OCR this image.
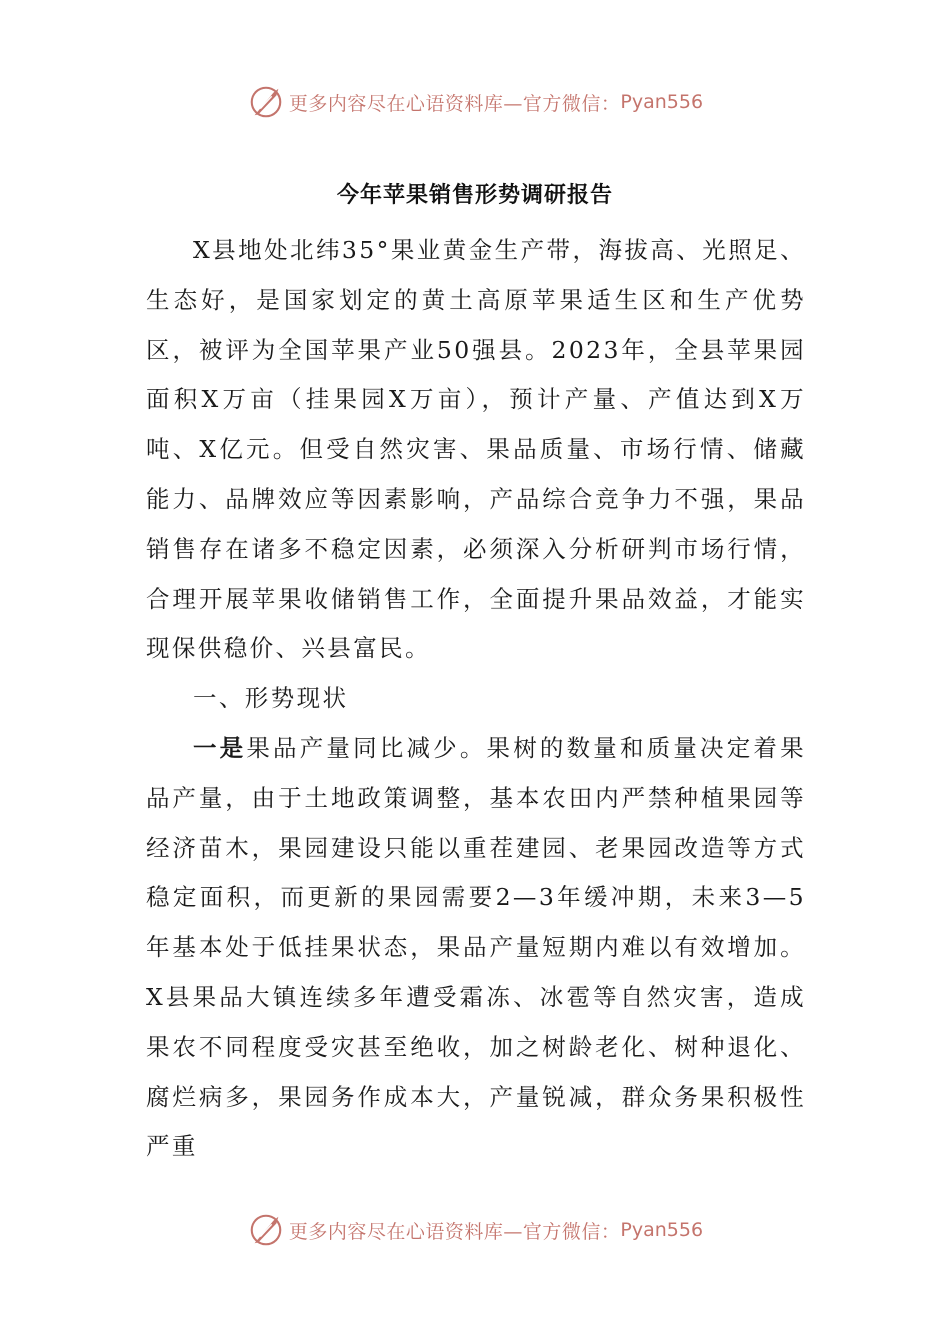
更多内容尽在心语资料库—官方微信： Pyan556
今年苹果销售形势调研报告

X县地处北纬35°果业黄金生产带，海拔高、光照足、生态好，是国家划定的黄土高原苹果适生区和生产优势区，被评为全国苹果产业50强县。2023年，全县苹果园面积X万亩（挂果园X万亩），预计产量、产值达到X万吨、X亿元。但受自然灾害、果品质量、市场行情、储藏能力、品牌效应等因素影响，产品综合竞争力不强，果品销售存在诸多不稳定因素，必须深入分析研判市场行情，合理开展苹果收储销售工作，全面提升果品效益，才能实现保供稳价、兴县富民。

一、形势现状

一是果品产量同比减少。果树的数量和质量决定着果品产量，由于土地政策调整，基本农田内严禁种植果园等经济苗木，果园建设只能以重茬建园、老果园改造等方式稳定面积，而更新的果园需要2—3年缓冲期，未来3—5年基本处于低挂果状态，果品产量短期内难以有效增加。X县果品大镇连续多年遭受霜冻、冰雹等自然灾害，造成果农不同程度受灾甚至绝收，加之树龄老化、树种退化、腐烂病多，果园务作成本大，产量锐减，群众务果积极性严重

更多内容尽在心语资料库—官方微信： Pyan556
